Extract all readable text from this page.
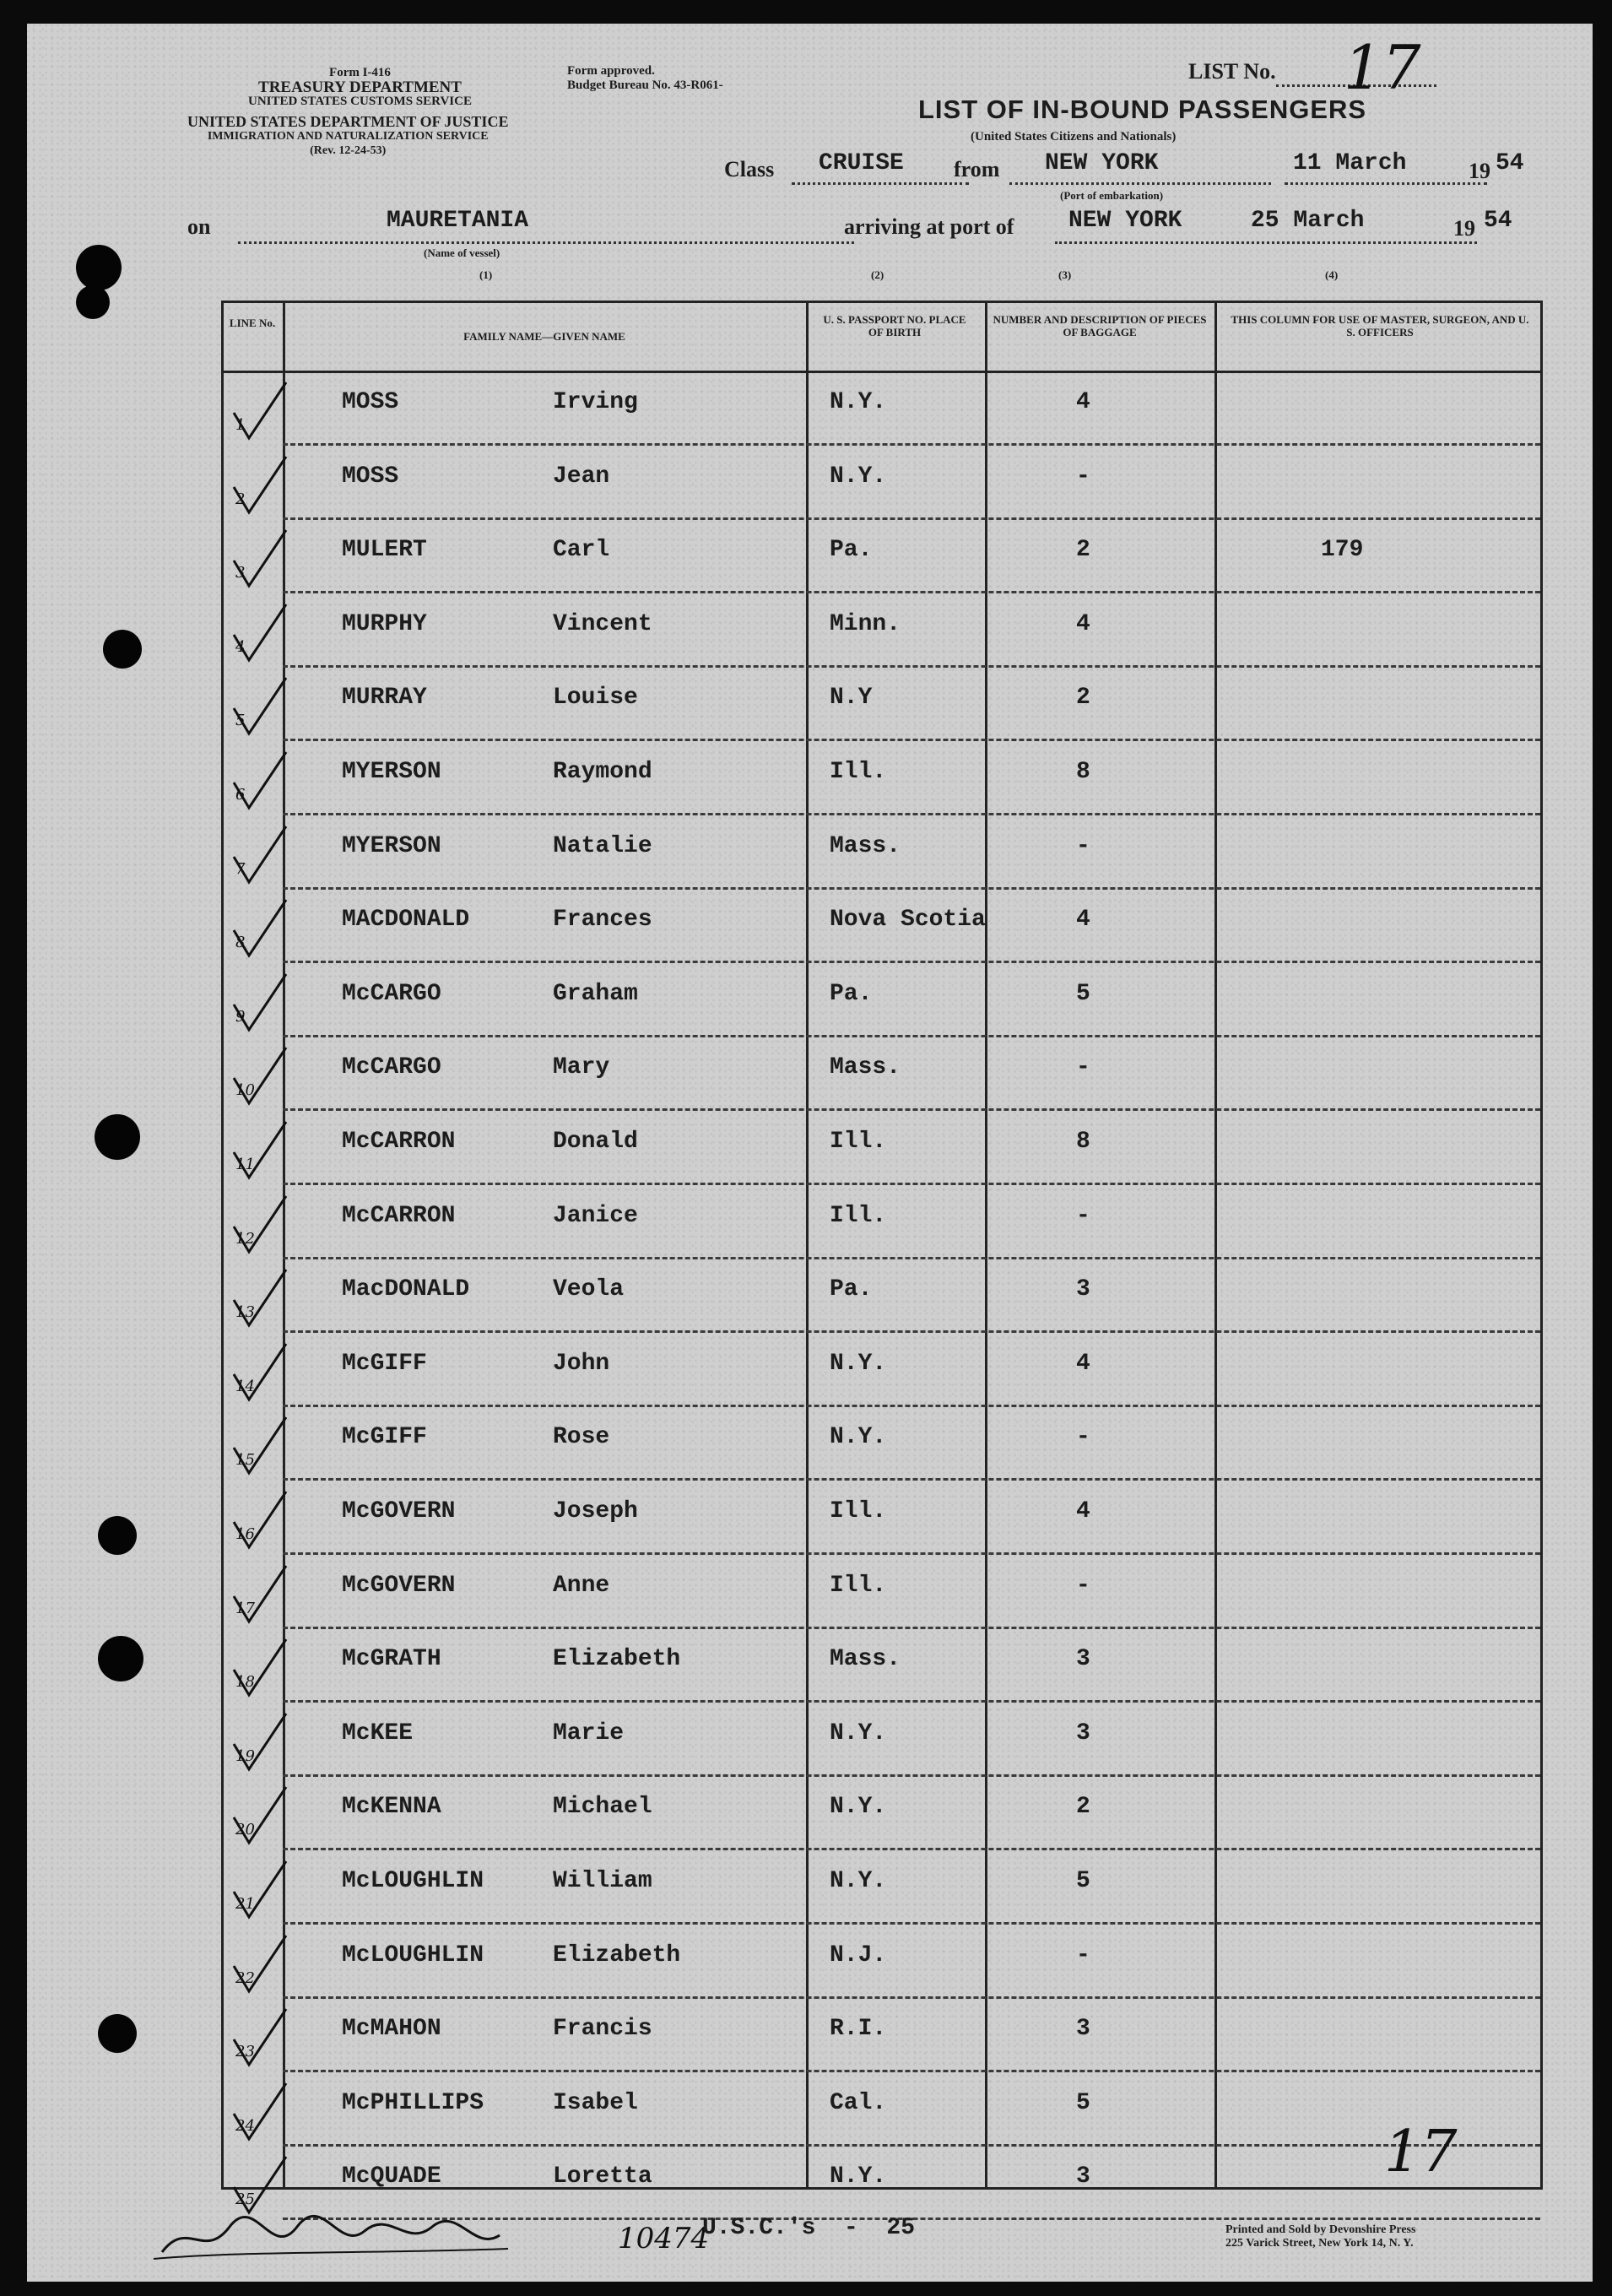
Form I-416
TREASURY DEPARTMENT
UNITED STATES CUSTOMS SERVICE
UNITED STATES DEPARTMENT OF JUSTICE
IMMIGRATION AND NATURALIZATION SERVICE
(Rev. 12-24-53)
Form approved.
Budget Bureau No. 43-R061-
LIST No. 17
LIST OF IN-BOUND PASSENGERS
(United States Citizens and Nationals)
Class CRUISE from NEW YORK
(Port of embarkation)
11 March	19 54
on	MAURETANIA
(Name of vessel)
arriving at port of NEW YORK	25 March	19 54
(1)	(2)	(3)	(4)
LINE No.
FAMILY NAME—GIVEN NAME
U. S. PASSPORT NO. PLACE OF BIRTH
NUMBER AND DESCRIPTION OF PIECES OF BAGGAGE
THIS COLUMN FOR USE OF MASTER, SURGEON, AND U. S. OFFICERS
1
MOSS	Irving	N.Y.	4
2
MOSS	Jean	N.Y.	-
3
MULERT	Carl	Pa.	2	179
4
MURPHY	Vincent	Minn.	4
5
MURRAY	Louise	N.Y	2
6
MYERSON	Raymond	Ill.	8
7
MYERSON	Natalie	Mass.	-
8
MACDONALD	Frances	Nova Scotia	4
9
McCARGO	Graham	Pa.	5
10
McCARGO	Mary	Mass.	-
11
McCARRON	Donald	Ill.	8
12
McCARRON	Janice	Ill.	-
13
MacDONALD	Veola	Pa.	3
14
McGIFF	John	N.Y.	4
15
McGIFF	Rose	N.Y.	-
16
McGOVERN	Joseph	Ill.	4
17
McGOVERN	Anne	Ill.	-
18
McGRATH	Elizabeth	Mass.	3
19
McKEE	Marie	N.Y.	3
20
McKENNA	Michael	N.Y.	2
21
McLOUGHLIN	William	N.Y.	5
22
McLOUGHLIN	Elizabeth	N.J.	-
23
McMAHON	Francis	R.I.	3
24
McPHILLIPS	Isabel	Cal.	5
25
McQUADE	Loretta	N.Y.	3	17
10474
U.S.C.'s  -  25	Printed and Sold by Devonshire Press
225 Varick Street, New York 14, N. Y.
